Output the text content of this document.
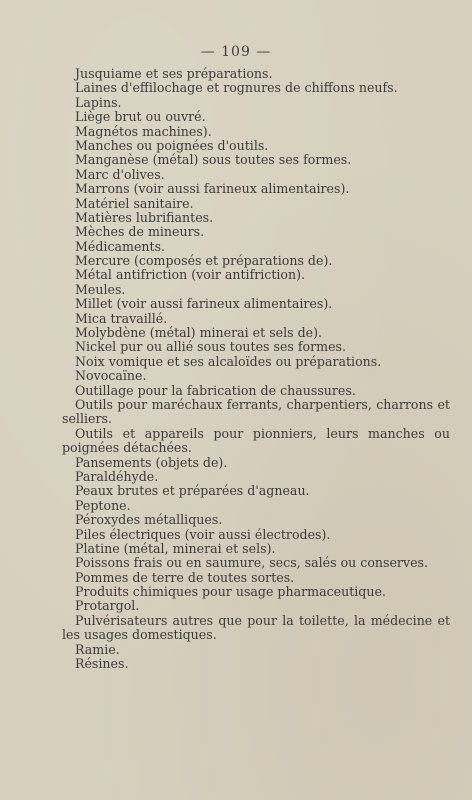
— 109 —
Jusquiame et ses préparations.
Laines d'effilochage et rognures de chiffons neufs.
Lapins.
Liège brut ou ouvré.
Magnétos machines).
Manches ou poignées d'outils.
Manganèse (métal) sous toutes ses formes.
Marc d'olives.
Marrons (voir aussi farineux alimentaires).
Matériel sanitaire.
Matières lubrifiantes.
Mèches de mineurs.
Médicaments.
Mercure (composés et préparations de).
Métal antifriction (voir antifriction).
Meules.
Millet (voir aussi farineux alimentaires).
Mica travaillé.
Molybdène (métal) minerai et sels de).
Nickel pur ou allié sous toutes ses formes.
Noix vomique et ses alcaloïdes ou préparations.
Novocaïne.
Outillage pour la fabrication de chaussures.
Outils pour maréchaux ferrants, charpentiers, charrons et selliers.
Outils et appareils pour pionniers, leurs manches ou poignées détachées.
Pansements (objets de).
Paraldéhyde.
Peaux brutes et préparées d'agneau.
Peptone.
Péroxydes métalliques.
Piles électriques (voir aussi électrodes).
Platine (métal, minerai et sels).
Poissons frais ou en saumure, secs, salés ou conserves.
Pommes de terre de toutes sortes.
Produits chimiques pour usage pharmaceutique.
Protargol.
Pulvérisateurs autres que pour la toilette, la médecine et les usages domestiques.
Ramie.
Résines.
